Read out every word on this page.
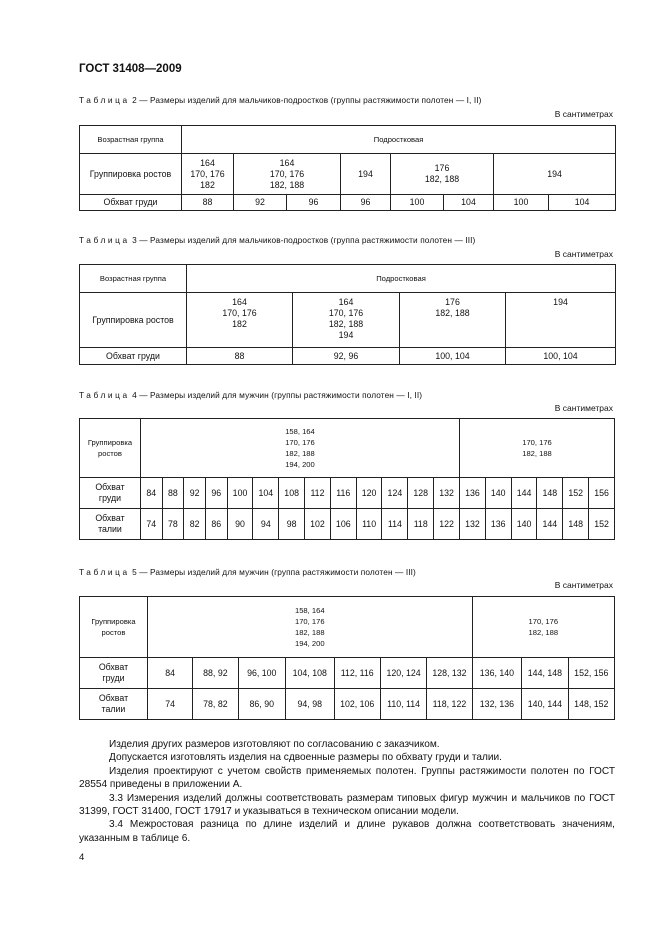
ГОСТ 31408—2009
Таблица 2 — Размеры изделий для мальчиков-подростков (группы растяжимости полотен — I, II)
В сантиметрах
Возрастная группа	Подростковая							
Группировка ростов	164
170, 176
182	164
170, 176
182, 188		194	176
182, 188		194	
Обхват груди	88	92	96	96	100	104	100	104
Таблица 3 — Размеры изделий для мальчиков-подростков (группа растяжимости полотен — III)
В сантиметрах
Возрастная группа	Подростковая			
Группировка ростов	164
170, 176
182	164
170, 176
182, 188
194	176
182, 188	194
Обхват груди	88	92, 96	100, 104	100, 104
Таблица 4 — Размеры изделий для мужчин (группы растяжимости полотен — I, II)
В сантиметрах
Группировка
ростов	158, 164
170, 176
182, 188
194, 200													170, 176
182, 188					
Обхват
груди	84	88	92	96	100	104	108	112	116	120	124	128	132	136	140	144	148	152	156
Обхват
талии	74	78	82	86	90	94	98	102	106	110	114	118	122	132	136	140	144	148	152
Таблица 5 — Размеры изделий для мужчин (группа растяжимости полотен — III)
В сантиметрах
Группировка
ростов	158, 164
170, 176
182, 188
194, 200							170, 176
182, 188		
Обхват
груди	84	88, 92	96, 100	104, 108	112, 116	120, 124	128, 132	136, 140	144, 148	152, 156
Обхват
талии	74	78, 82	86, 90	94, 98	102, 106	110, 114	118, 122	132, 136	140, 144	148, 152

Изделия других размеров изготовляют по согласованию с заказчиком.

Допускается изготовлять изделия на сдвоенные размеры по обхвату груди и талии.

Изделия проектируют с учетом свойств применяемых полотен. Группы растяжимости полотен по ГОСТ 28554 приведены в приложении А.

3.3 Измерения изделий должны соответствовать размерам типовых фигур мужчин и мальчиков по ГОСТ 31399, ГОСТ 31400, ГОСТ 17917 и указываться в техническом описании модели.

3.4 Межростовая разница по длине изделий и длине рукавов должна соответствовать значениям, указанным в таблице 6.

4
